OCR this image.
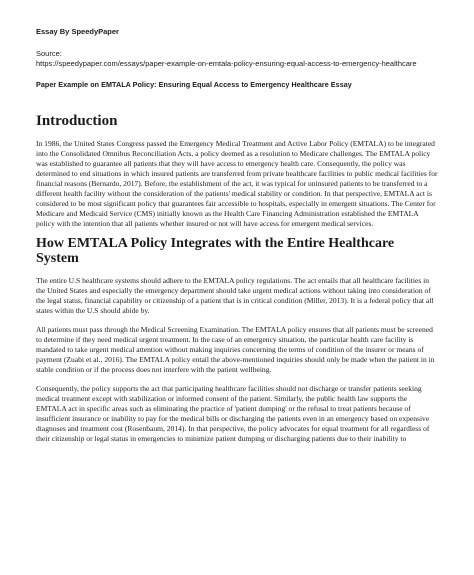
Essay By SpeedyPaper

Source:

https://speedypaper.com/essays/paper-example-on-emtala-policy-ensuring-equal-access-to-emergency-healthcare

Paper Example on EMTALA Policy: Ensuring Equal Access to Emergency Healthcare Essay

Introduction

In 1986, the United States Congress passed the Emergency Medical Treatment and Active Labor Policy (EMTALA) to be integrated into the Consolidated Omnibus Reconciliation Acts, a policy deemed as a resolution to Medicare challenges. The EMTALA policy was established to guarantee all patients that they will have access to emergency health care. Consequently, the policy was determined to end situations in which insured patients are transferred from private healthcare facilities to public medical facilities for financial reasons (Bernardo, 2017). Before, the establishment of the act, it was typical for uninsured patients to be transferred to a different health facility without the consideration of the patients' medical stability or condition. In that perspective, EMTALA act is considered to be most significant policy that guarantees fair accessible to hospitals, especially in emergent situations. The Center for Medicare and Medicaid Service (CMS) initially known as the Health Care Financing Administration established the EMTALA policy with the intention that all patients whether insured or not will have access for emergent medical services.

How EMTALA Policy Integrates with the Entire Healthcare System

The entire U.S healthcare systems should adhere to the EMTALA policy regulations. The act entails that all healthcare facilities in the United States and especially the emergency department should take urgent medical actions without taking into consideration of the legal status, financial capability or citizenship of a patient that is in critical condition (Miller, 2013). It is a federal policy that all states within the U.S should abide by.

All patients must pass through the Medical Screening Examination. The EMTALA policy ensures that all patients must be screened to determine if they need medical urgent treatment. In the case of an emergency situation, the particular health care facility is mandated to take urgent medical attention without making inquiries concerning the terms of condition of the insurer or means of payment (Zuabi et al., 2016). The EMTALA policy entail the above-mentioned inquiries should only be made when the patient in in stable condition or if the process does not interfere with the patient wellbeing.

Consequently, the policy supports the act that participating healthcare facilities should not discharge or transfer patients seeking medical treatment except with stabilization or informed consent of the patient. Similarly, the public health law supports the EMTALA act in specific areas such as eliminating the practice of 'patient dumping' or the refusal to treat patients because of insufficient insurance or inability to pay for the medical bills or discharging the patients even in an emergency based on expensive diagnoses and treatment cost (Rosenbaum, 2014). In that perspective, the policy advocates for equal treatment for all regardless of their citizenship or legal status in emergencies to minimize patient dumping or discharging patients due to their inability to
